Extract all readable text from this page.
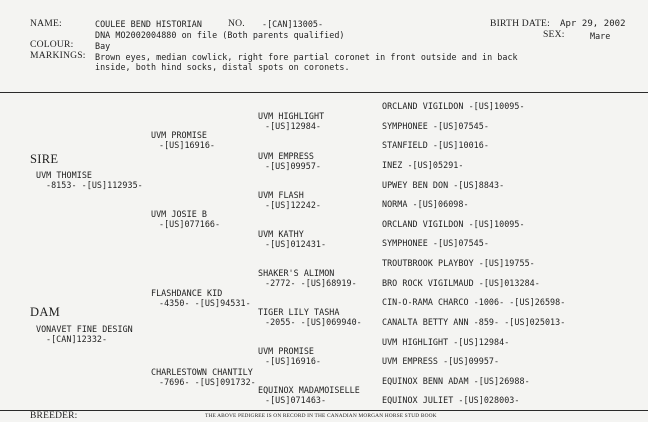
NAME:	COULEE BEND HISTORIAN	NO. -[CAN]13005-	BIRTH DATE: Apr 29, 2002
DNA MO2002004880 on file (Both parents qualified)	SEX:	Mare
COLOUR:	Bay
MARKINGS: Brown eyes, median cowlick, right fore partial coronet in front outside and in back
inside, both hind socks, distal spots on coronets.
SIRE
DAM
UVM THOMISE
-8153- -[US]112935-
VONAVET FINE DESIGN
-[CAN]12332-
UVM PROMISE
-[US]16916-
UVM JOSIE B
-[US]077166-
FLASHDANCE KID
-4350- -[US]94531-
CHARLESTOWN CHANTILY
-7696- -[US]091732-
UVM HIGHLIGHT
-[US]12984-
UVM EMPRESS
-[US]09957-
UVM FLASH
-[US]12242-
UVM KATHY
-[US]012431-
SHAKER'S ALIMON
-2772- -[US]68919-
TIGER LILY TASHA
-2055- -[US]069940-
UVM PROMISE
-[US]16916-
EQUINOX MADAMOISELLE
-[US]071463-
ORCLAND VIGILDON -[US]10095-
SYMPHONEE -[US]07545-
STANFIELD -[US]10016-
INEZ -[US]05291-
UPWEY BEN DON -[US]8843-
NORMA -[US]06098-
ORCLAND VIGILDON -[US]10095-
SYMPHONEE -[US]07545-
TROUTBROOK PLAYBOY -[US]19755-
BRO ROCK VIGILMAUD -[US]013284-
CIN-O-RAMA CHARCO -1006- -[US]26598-
CANALTA BETTY ANN -859- -[US]025013-
UVM HIGHLIGHT -[US]12984-
UVM EMPRESS -[US]09957-
EQUINOX BENN ADAM -[US]26988-
EQUINOX JULIET -[US]028003-
BREEDER:	THE ABOVE PEDIGREE IS ON RECORD IN THE CANADIAN MORGAN HORSE STUD BOOK
